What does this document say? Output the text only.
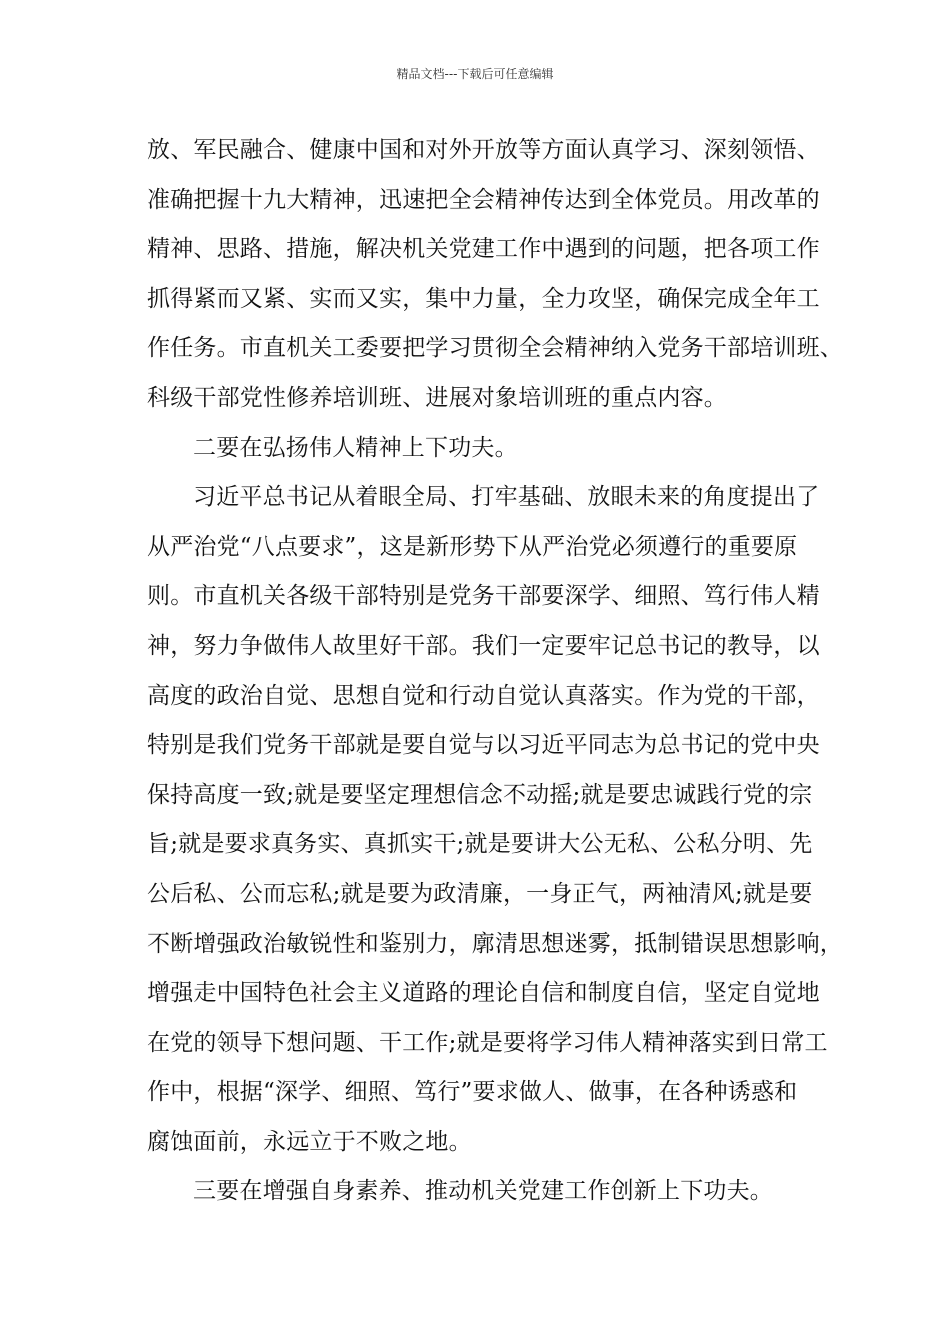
精品文档---下载后可任意编辑
放、军民融合、健康中国和对外开放等方面认真学习、深刻领悟、
准确把握十九大精神，迅速把全会精神传达到全体党员。用改革的
精神、思路、措施，解决机关党建工作中遇到的问题，把各项工作
抓得紧而又紧、实而又实，集中力量，全力攻坚，确保完成全年工
作任务。市直机关工委要把学习贯彻全会精神纳入党务干部培训班、
科级干部党性修养培训班、进展对象培训班的重点内容。
二要在弘扬伟人精神上下功夫。
习近平总书记从着眼全局、打牢基础、放眼未来的角度提出了
从严治党“八点要求”，这是新形势下从严治党必须遵行的重要原
则。市直机关各级干部特别是党务干部要深学、细照、笃行伟人精
神，努力争做伟人故里好干部。我们一定要牢记总书记的教导，以
高度的政治自觉、思想自觉和行动自觉认真落实。作为党的干部，
特别是我们党务干部就是要自觉与以习近平同志为总书记的党中央
保持高度一致;就是要坚定理想信念不动摇;就是要忠诚践行党的宗
旨;就是要求真务实、真抓实干;就是要讲大公无私、公私分明、先
公后私、公而忘私;就是要为政清廉，一身正气，两袖清风;就是要
不断增强政治敏锐性和鉴别力，廓清思想迷雾，抵制错误思想影响，
增强走中国特色社会主义道路的理论自信和制度自信，坚定自觉地
在党的领导下想问题、干工作;就是要将学习伟人精神落实到日常工
作中，根据“深学、细照、笃行”要求做人、做事，在各种诱惑和
腐蚀面前，永远立于不败之地。
三要在增强自身素养、推动机关党建工作创新上下功夫。
